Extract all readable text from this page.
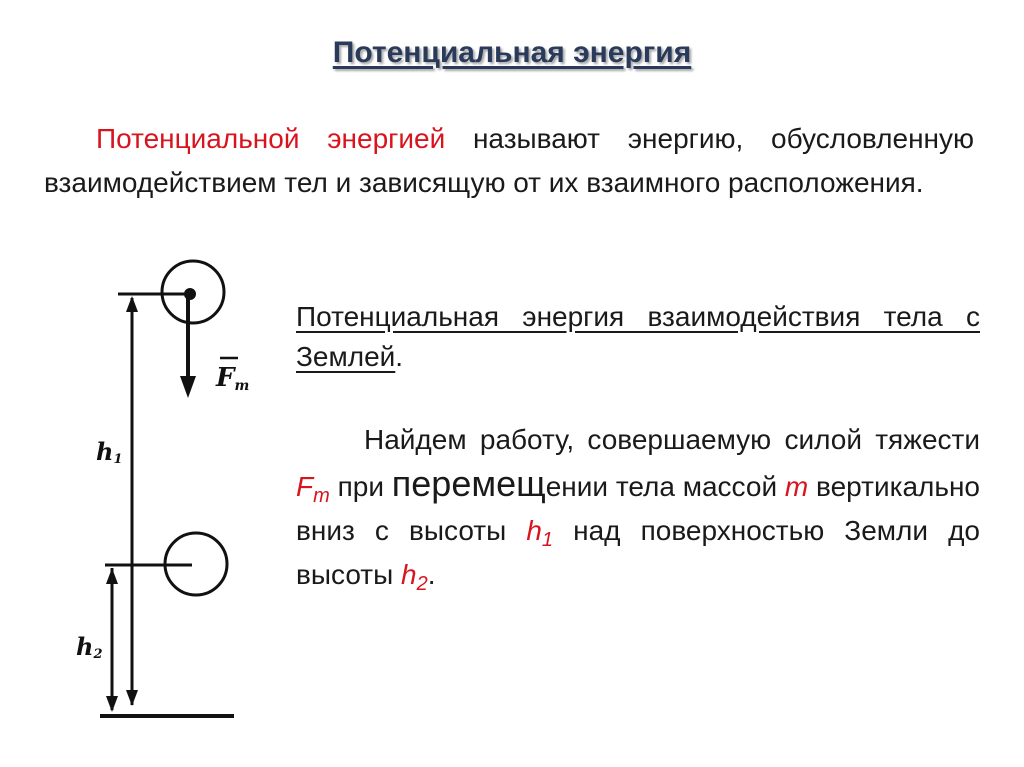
Потенциальная энергия
Потенциальной энергией называют энергию, обусловленную взаимодействием тел и зависящую от их взаимного расположения.
Потенциальная энергия взаимодействия тела с Землей.
Найдем работу, совершаемую силой тяжести $F_т$ при перемещении тела массой m вертикально вниз с высоты $h_1$ над поверхностью Земли до высоты $h_2$.
Fт
h1
h2
